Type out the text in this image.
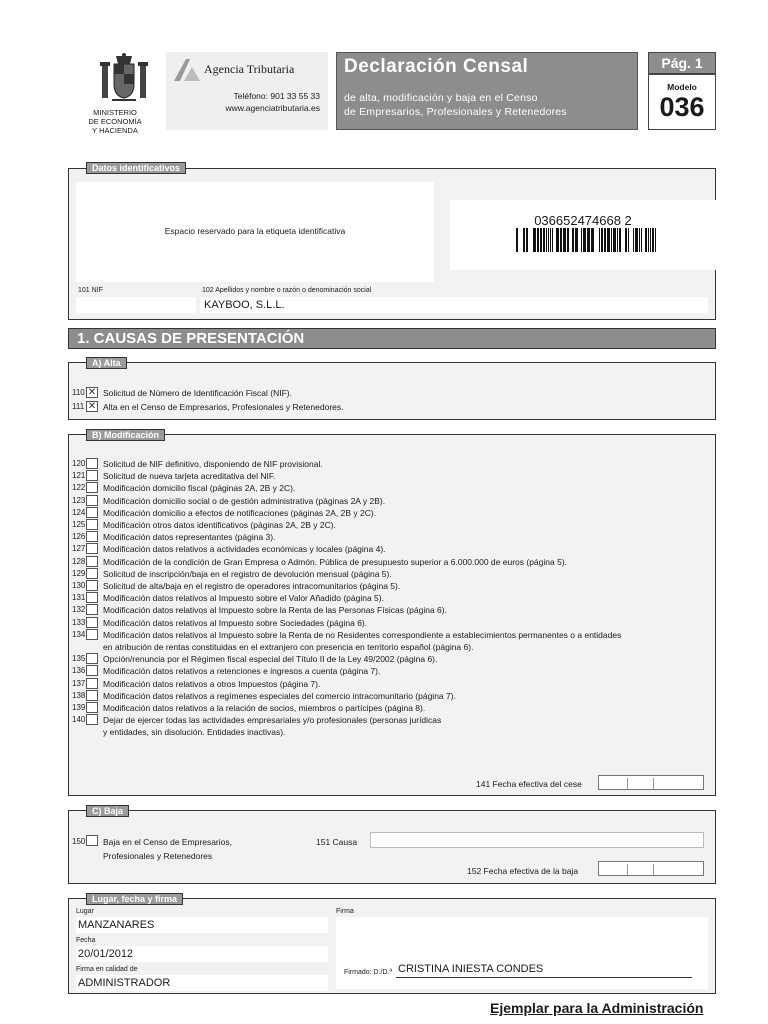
MINISTERIO
DE ECONOMÍA
Y HACIENDA
Agencia Tributaria
Teléfono: 901 33 55 33
www.agenciatributaria.es
Declaración Censal
de alta, modificación y baja en el Censo
de Empresarios, Profesionales y Retenedores
Pág. 1
Modelo
036
Datos identificativos
Espacio reservado para la etiqueta identificativa
036652474668 2
101 NIF	102 Apellidos y nombre o razón o denominación social
KAYBOO, S.L.L.
1. CAUSAS DE PRESENTACIÓN
A) Alta
110 ✕ Solicitud de Número de Identificación Fiscal (NIF).
111 ✕ Alta en el Censo de Empresarios, Profesionales y Retenedores.
B) Modificación
120 Solicitud de NIF definitivo, disponiendo de NIF provisional.
121 Solicitud de nueva tarjeta acreditativa del NIF.
122 Modificación domicilio fiscal (páginas 2A, 2B y 2C).
123 Modificación domicilio social o de gestión administrativa (páginas 2A y 2B).
124 Modificación domicilio a efectos de notificaciones (páginas 2A, 2B y 2C).
125 Modificación otros datos identificativos (páginas 2A, 2B y 2C).
126 Modificación datos representantes (página 3).
127 Modificación datos relativos a actividades económicas y locales (página 4).
128 Modificación de la condición de Gran Empresa o Admón. Pública de presupuesto superior a 6.000.000 de euros (página 5).
129 Solicitud de inscripción/baja en el registro de devolución mensual (página 5).
130 Solicitud de alta/baja en el registro de operadores intracomunitarios (página 5).
131 Modificación datos relativos al Impuesto sobre el Valor Añadido (página 5).
132 Modificación datos relativos al Impuesto sobre la Renta de las Personas Físicas (página 6).
133 Modificación datos relativos al Impuesto sobre Sociedades (página 6).
134 Modificación datos relativos al Impuesto sobre la Renta de no Residentes correspondiente a establecimientos permanentes o a entidades
en atribución de rentas constituidas en el extranjero con presencia en territorio español (página 6).
135 Opción/renuncia por el Régimen fiscal especial del Título II de la Ley 49/2002 (página 6).
136 Modificación datos relativos a retenciones e ingresos a cuenta (página 7).
137 Modificación datos relativos a otros Impuestos (página 7).
138 Modificación datos relativos a regímenes especiales del comercio intracomunitario (página 7).
139 Modificación datos relativos a la relación de socios, miembros o partícipes (página 8).
140 Dejar de ejercer todas las actividades empresariales y/o profesionales (personas jurídicas
y entidades, sin disolución. Entidades inactivas).
141 Fecha efectiva del cese
C) Baja
150 Baja en el Censo de Empresarios,
Profesionales y Retenedores
151 Causa
152 Fecha efectiva de la baja
Lugar, fecha y firma
Lugar
MANZANARES
Fecha
20/01/2012
Firma en calidad de
ADMINISTRADOR
Firma
Firmado: D./D.ª CRISTINA INIESTA CONDES
Ejemplar para la Administración
